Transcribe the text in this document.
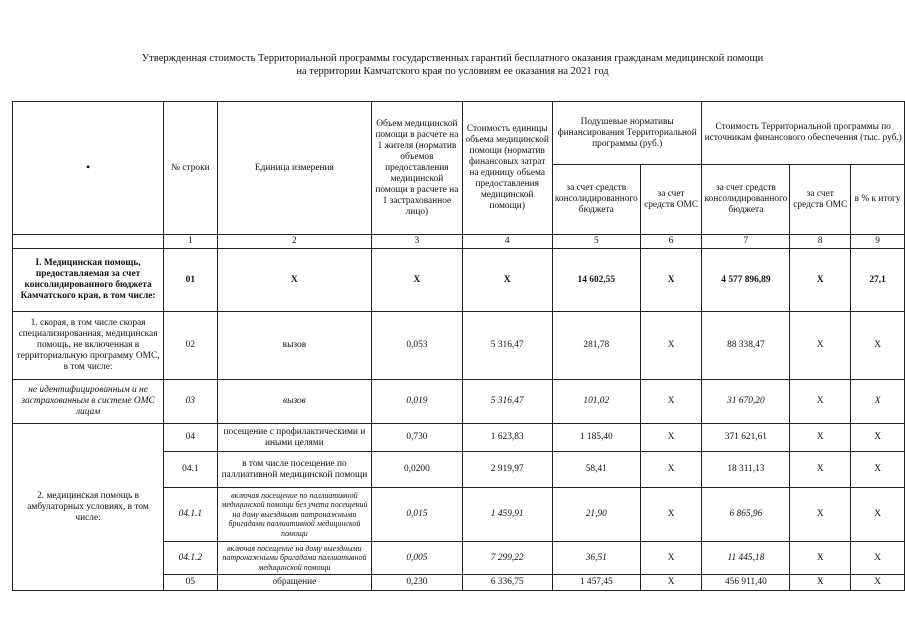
Утвержденная стоимость Территориальной программы государственных гарантий бесплатного оказания гражданам медицинской помощи
на территории Камчатского края по условиям ее оказания на 2021 год
•	№ строки	Единица измерения	Объем медицинской помощи в расчете на 1 жителя (норматив объемов предоставления медицинской помощи в расчете на 1 застрахованное лицо)	Стоимость единицы объема медицинской помощи (норматив финансовых затрат на единицу объема предоставления медицинской помощи)	Подушевые нормативы финансирования Территориальной программы (руб.)		Стоимость Территориальной программы по источникам финансового обеспечения (тыс. руб.)		
					за счет средств консолидированного бюджета	за счет средств ОМС	за счет средств консолидированного бюджета	за счет средств ОМС	в % к итогу
	1	2	3	4	5	6	7	8	9
I. Медицинская помощь, предоставляемая за счет консолидированного бюджета Камчатского края, в том числе:	01	X	X	X	14 602,55	X	4 577 896,89	X	27,1
1. скорая, в том числе скорая специализированная, медицинская помощь, не включенная в территориальную программу ОМС, в том числе:	02	вызов	0,053	5 316,47	281,78	X	88 338,47	X	X
не идентифицированным и не застрахованным в системе ОМС лицам	03	вызов	0,019	5 316,47	101,02	X	31 670,20	X	X
2. медицинская помощь в амбулаторных условиях, в том числе:	04	посещение с профилактическими и иными целями	0,730	1 623,83	1 185,40	X	371 621,61	X	X
	04.1	в том числе посещение по паллиативной медицинской помощи	0,0200	2 919,97	58,41	X	18 311,13	X	X
	04.1.1	включая посещение по паллиативной медицинской помощи без учета посещений на дому выездными патронажными бригадами паллиативной медицинской помощи	0,015	1 459,91	21,90	X	6 865,96	X	X
	04.1.2	включая посещение на дому выездными патронажными бригадами паллиативной медицинской помощи	0,005	7 299,22	36,51	X	11 445,18	X	X
	05	обращение	0,230	6 336,75	1 457,45	X	456 911,40	X	X
